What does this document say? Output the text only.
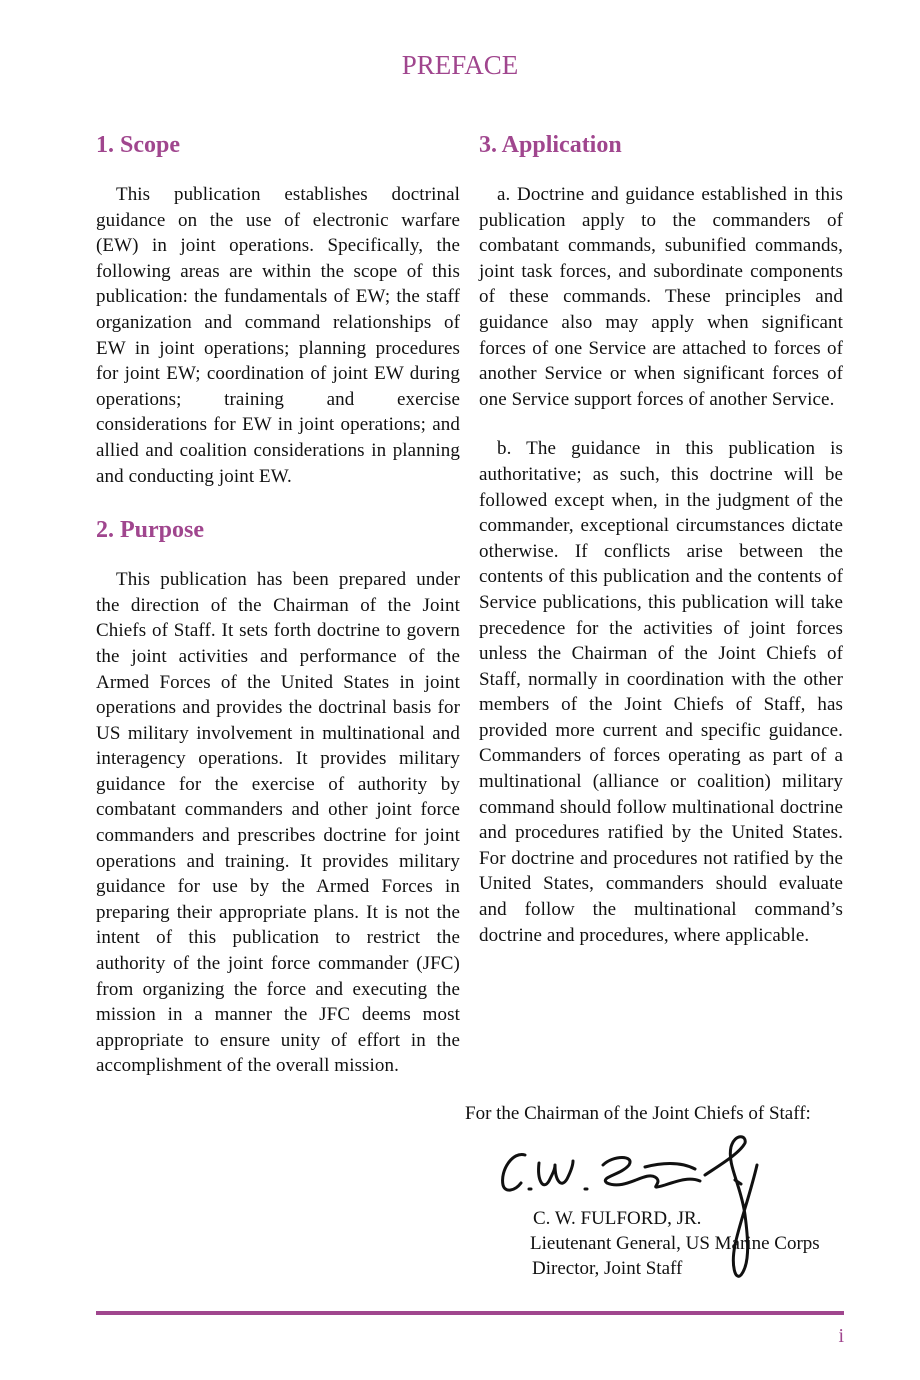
PREFACE
1. Scope

This publication establishes doctrinal guidance on the use of electronic warfare (EW) in joint operations. Specifically, the following areas are within the scope of this publication: the fundamentals of EW; the staff organization and command relationships of EW in joint operations; planning procedures for joint EW; coordination of joint EW during operations; training and exercise considerations for EW in joint operations; and allied and coalition considerations in planning and conducting joint EW.

2. Purpose

This publication has been prepared under the direction of the Chairman of the Joint Chiefs of Staff. It sets forth doctrine to govern the joint activities and performance of the Armed Forces of the United States in joint operations and provides the doctrinal basis for US military involvement in multinational and interagency operations. It provides military guidance for the exercise of authority by combatant commanders and other joint force commanders and prescribes doctrine for joint operations and training. It provides military guidance for use by the Armed Forces in preparing their appropriate plans. It is not the intent of this publication to restrict the authority of the joint force commander (JFC) from organizing the force and executing the mission in a manner the JFC deems most appropriate to ensure unity of effort in the accomplishment of the overall mission.

3. Application

a. Doctrine and guidance established in this publication apply to the commanders of combatant commands, subunified commands, joint task forces, and subordinate components of these commands. These principles and guidance also may apply when significant forces of one Service are attached to forces of another Service or when significant forces of one Service support forces of another Service.

b. The guidance in this publication is authoritative; as such, this doctrine will be followed except when, in the judgment of the commander, exceptional circumstances dictate otherwise. If conflicts arise between the contents of this publication and the contents of Service publications, this publication will take precedence for the activities of joint forces unless the Chairman of the Joint Chiefs of Staff, normally in coordination with the other members of the Joint Chiefs of Staff, has provided more current and specific guidance. Commanders of forces operating as part of a multinational (alliance or coalition) military command should follow multinational doctrine and procedures ratified by the United States. For doctrine and procedures not ratified by the United States, commanders should evaluate and follow the multinational command’s doctrine and procedures, where applicable.

For the Chairman of the Joint Chiefs of Staff:
C. W. FULFORD, JR.
Lieutenant General, US Marine Corps
Director, Joint Staff
i
